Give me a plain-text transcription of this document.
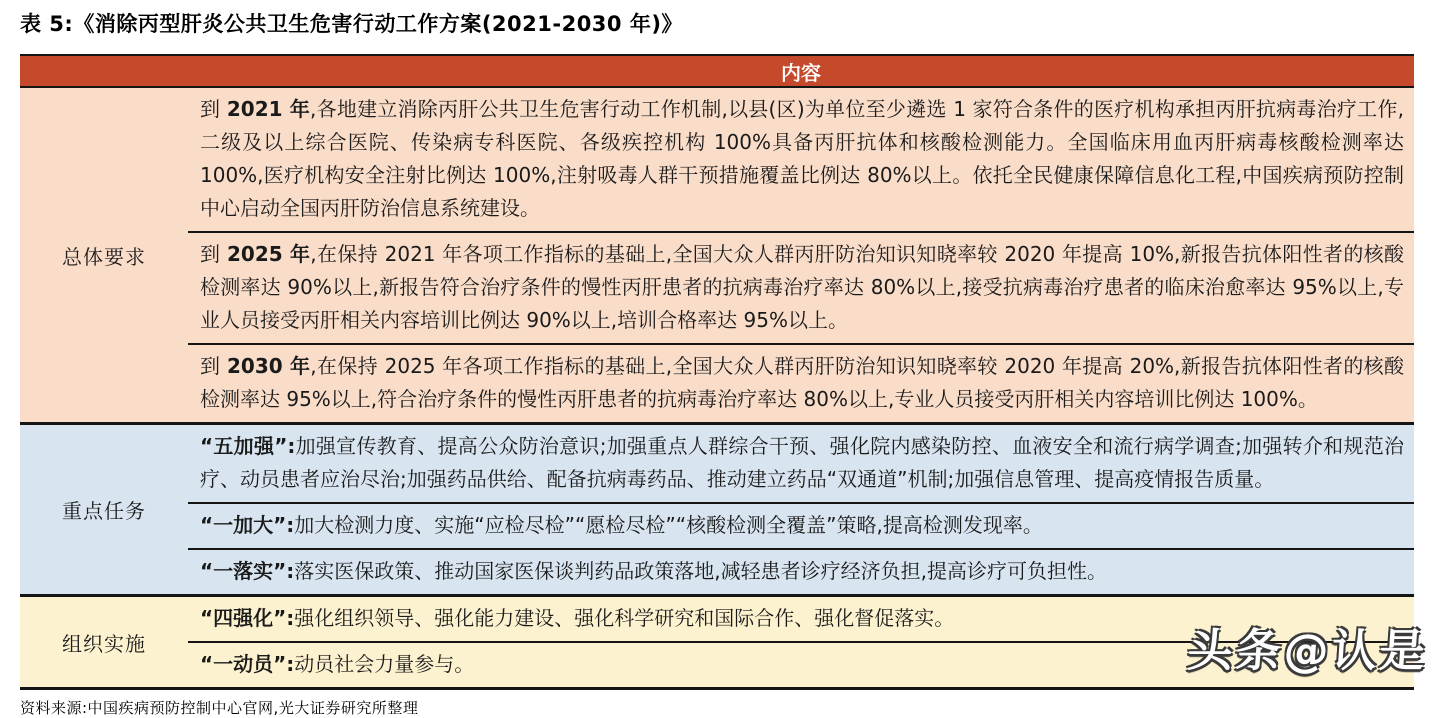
表 5:《消除丙型肝炎公共卫生危害行动工作方案(2021-2030 年)》
内容
总体要求
到 2021 年,各地建立消除丙肝公共卫生危害行动工作机制,以县(区)为单位至少遴选 1 家符合条件的医疗机构承担丙肝抗病毒治疗工作,二级及以上综合医院、传染病专科医院、各级疾控机构 100%具备丙肝抗体和核酸检测能力。全国临床用血丙肝病毒核酸检测率达 100%,医疗机构安全注射比例达 100%,注射吸毒人群干预措施覆盖比例达 80%以上。依托全民健康保障信息化工程,中国疾病预防控制中心启动全国丙肝防治信息系统建设。
到 2025 年,在保持 2021 年各项工作指标的基础上,全国大众人群丙肝防治知识知晓率较 2020 年提高 10%,新报告抗体阳性者的核酸检测率达 90%以上,新报告符合治疗条件的慢性丙肝患者的抗病毒治疗率达 80%以上,接受抗病毒治疗患者的临床治愈率达 95%以上,专业人员接受丙肝相关内容培训比例达 90%以上,培训合格率达 95%以上。
到 2030 年,在保持 2025 年各项工作指标的基础上,全国大众人群丙肝防治知识知晓率较 2020 年提高 20%,新报告抗体阳性者的核酸检测率达 95%以上,符合治疗条件的慢性丙肝患者的抗病毒治疗率达 80%以上,专业人员接受丙肝相关内容培训比例达 100%。
重点任务
“五加强”:加强宣传教育、提高公众防治意识;加强重点人群综合干预、强化院内感染防控、血液安全和流行病学调查;加强转介和规范治疗、动员患者应治尽治;加强药品供给、配备抗病毒药品、推动建立药品“双通道”机制;加强信息管理、提高疫情报告质量。
“一加大”:加大检测力度、实施“应检尽检”“愿检尽检”“核酸检测全覆盖”策略,提高检测发现率。
“一落实”:落实医保政策、推动国家医保谈判药品政策落地,减轻患者诊疗经济负担,提高诊疗可负担性。
组织实施
“四强化”:强化组织领导、强化能力建设、强化科学研究和国际合作、强化督促落实。
“一动员”:动员社会力量参与。
资料来源:中国疾病预防控制中心官网,光大证券研究所整理
头条@认是
